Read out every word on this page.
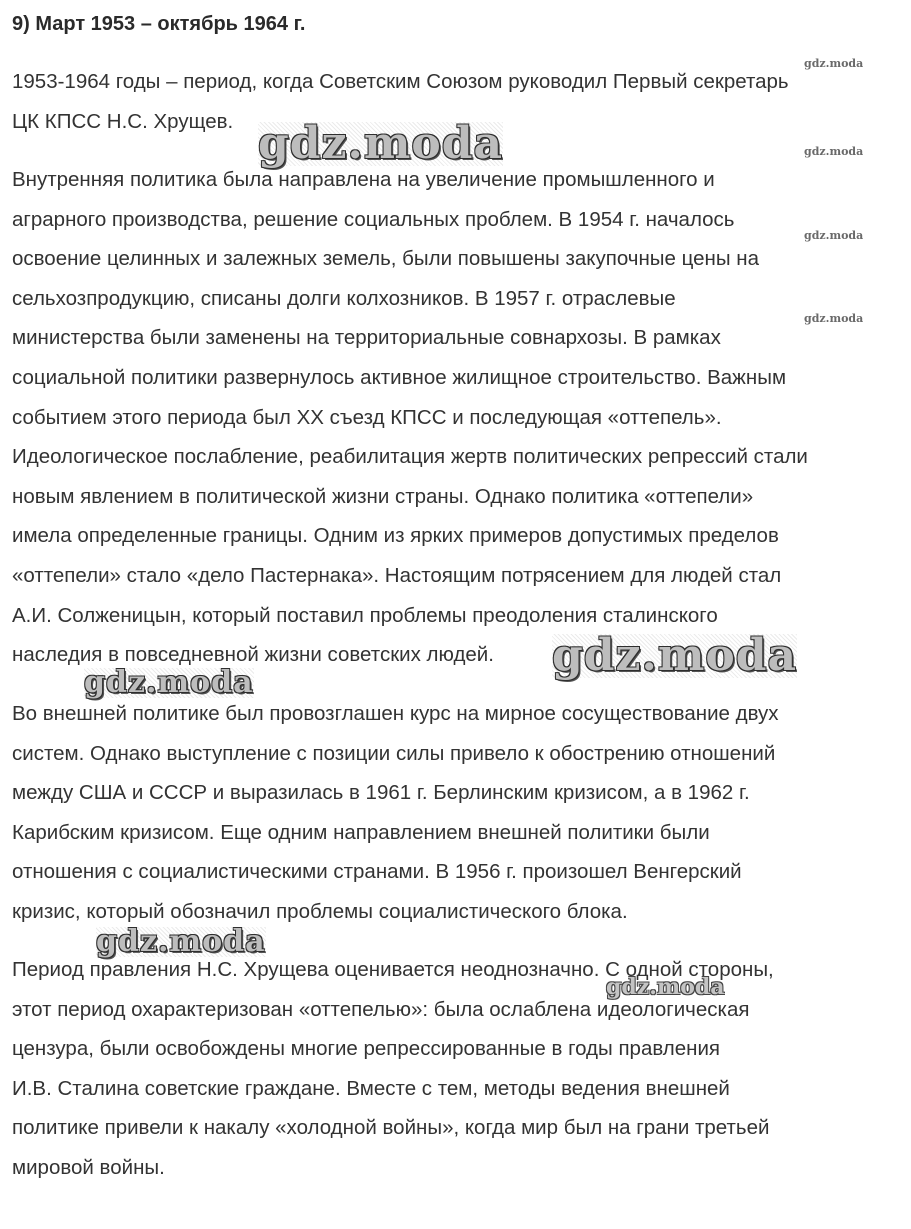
9) Март 1953 – октябрь 1964 г.

1953-1964 годы – период, когда Советским Союзом руководил Первый секретарь
ЦК КПСС Н.С. Хрущев.

Внутренняя политика была направлена на увеличение промышленного и
аграрного производства, решение социальных проблем. В 1954 г. началось
освоение целинных и залежных земель, были повышены закупочные цены на
сельхозпродукцию, списаны долги колхозников. В 1957 г. отраслевые
министерства были заменены на территориальные совнархозы. В рамках
социальной политики развернулось активное жилищное строительство. Важным
событием этого периода был XX съезд КПСС и последующая «оттепель».
Идеологическое послабление, реабилитация жертв политических репрессий стали
новым явлением в политической жизни страны. Однако политика «оттепели»
имела определенные границы. Одним из ярких примеров допустимых пределов
«оттепели» стало «дело Пастернака». Настоящим потрясением для людей стал
А.И. Солженицын, который поставил проблемы преодоления сталинского
наследия в повседневной жизни советских людей.

Во внешней политике был провозглашен курс на мирное сосуществование двух
систем. Однако выступление с позиции силы привело к обострению отношений
между США и СССР и выразилась в 1961 г. Берлинским кризисом, а в 1962 г.
Карибским кризисом. Еще одним направлением внешней политики были
отношения с социалистическими странами. В 1956 г. произошел Венгерский
кризис, который обозначил проблемы социалистического блока.

Период правления Н.С. Хрущева оценивается неоднозначно. С одной стороны,
этот период охарактеризован «оттепелью»: была ослаблена идеологическая
цензура, были освобождены многие репрессированные в годы правления
И.В. Сталина советские граждане. Вместе с тем, методы ведения внешней
политике привели к накалу «холодной войны», когда мир был на грани третьей
мировой войны.

gdz.moda
gdz.moda
gdz.moda
gdz.moda
gdz.moda
gdz.moda
gdz.moda
gdz.moda
gdz.moda
